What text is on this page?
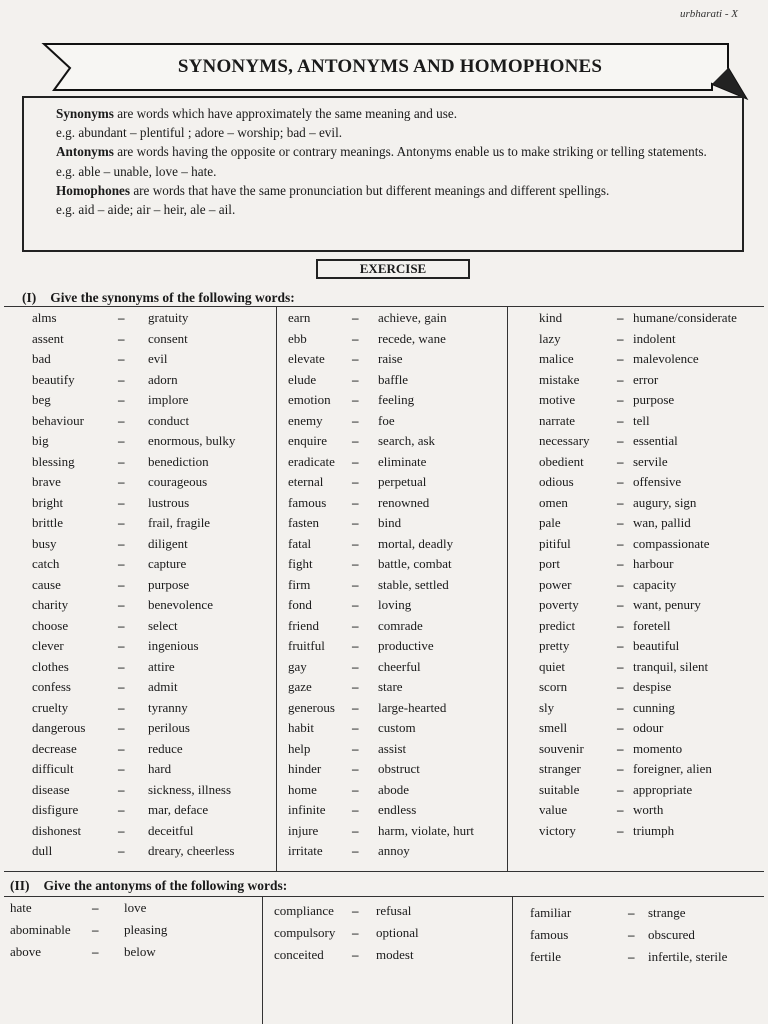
urbharati - X
SYNONYMS, ANTONYMS AND HOMOPHONES

Synonyms are words which have approximately the same meaning and use.

e.g. abundant – plentiful ; adore – worship; bad – evil.

Antonyms are words having the opposite or contrary meanings. Antonyms enable us to make striking or telling statements.

e.g. able – unable, love – hate.

Homophones are words that have the same pronunciation but different meanings and different spellings.

e.g. aid – aide; air – heir, ale – ail.

EXERCISE
(I) Give the synonyms of the following words:
alms	– gratuity
assent	– consent
bad	– evil
beautify	– adorn
beg	– implore
behaviour	– conduct
big	– enormous, bulky
blessing	– benediction
brave	– courageous
bright	– lustrous
brittle	– frail, fragile
busy	– diligent
catch	– capture
cause	– purpose
charity	– benevolence
choose	– select
clever	– ingenious
clothes	– attire
confess	– admit
cruelty	– tyranny
dangerous	– perilous
decrease	– reduce
difficult	– hard
disease	– sickness, illness
disfigure	– mar, deface
dishonest	– deceitful
dull	– dreary, cheerless
earn	– achieve, gain
ebb	– recede, wane
elevate – raise
elude	– baffle
emotion – feeling
enemy – foe
enquire – search, ask
eradicate – eliminate
eternal – perpetual
famous – renowned
fasten	– bind
fatal	– mortal, deadly
fight	– battle, combat
firm	– stable, settled
fond	– loving
friend	– comrade
fruitful – productive
gay	– cheerful
gaze	– stare
generous – large-hearted
habit	– custom
help	– assist
hinder – obstruct
home	– abode
infinite – endless
injure	– harm, violate, hurt
irritate – annoy
kind	– humane/considerate
lazy	– indolent
malice	– malevolence
mistake	– error
motive	– purpose
narrate	– tell
necessary – essential
obedient	– servile
odious	– offensive
omen	– augury, sign
pale	– wan, pallid
pitiful	– compassionate
port	– harbour
power	– capacity
poverty	– want, penury
predict	– foretell
pretty	– beautiful
quiet	– tranquil, silent
scorn	– despise
sly	– cunning
smell	– odour
souvenir	– momento
stranger	– foreigner, alien
suitable	– appropriate
value	– worth
victory	– triumph
(II) Give the antonyms of the following words:
hate	– love
abominable – pleasing
above	– below
compliance – refusal
compulsory – optional
conceited – modest
familiar	– strange
famous	– obscured
fertile	– infertile, sterile
